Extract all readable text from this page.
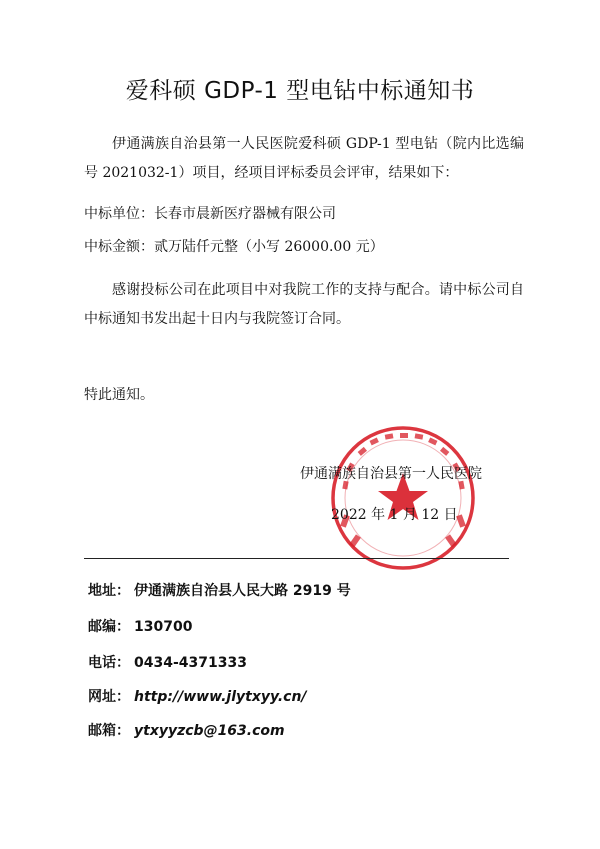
爱科硕 GDP-1 型电钻中标通知书

伊通满族自治县第一人民医院爱科硕 GDP-1 型电钻（院内比选编号 2021032-1）项目，经项目评标委员会评审，结果如下：

中标单位：长春市晨新医疗器械有限公司
中标金额：贰万陆仟元整（小写 26000.00 元）

感谢投标公司在此项目中对我院工作的支持与配合。请中标公司自中标通知书发出起十日内与我院签订合同。

特此通知。
伊通满族自治县第一人民医院
2022 年 1 月 12 日
地址： 伊通满族自治县人民大路 2919 号
邮编： 130700
电话： 0434-4371333
网址： http://www.jlytxyy.cn/
邮箱： ytxyyzcb@163.com
